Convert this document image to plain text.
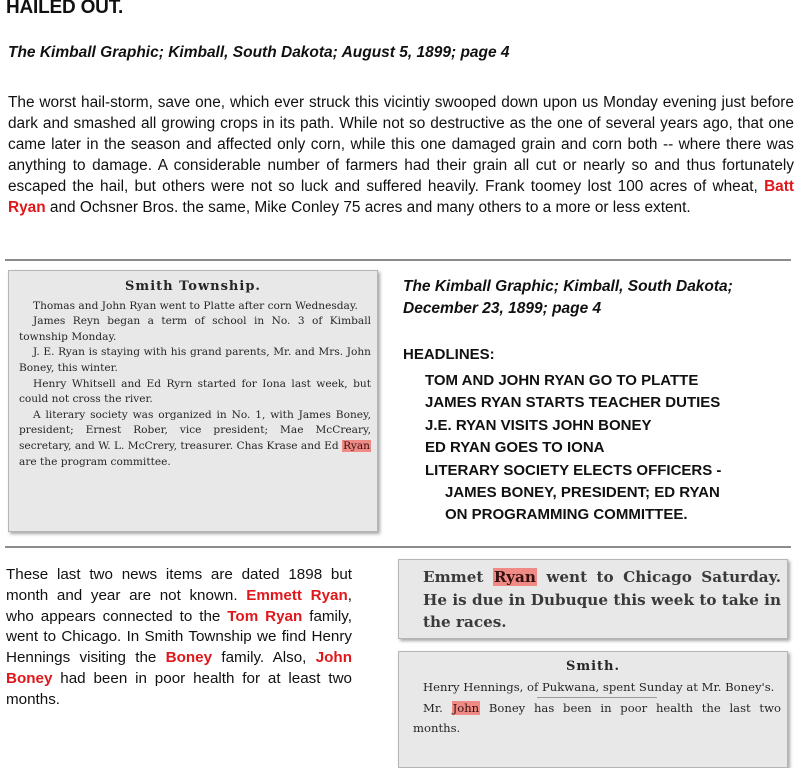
HAILED OUT.
The Kimball Graphic; Kimball, South Dakota; August 5, 1899; page 4

The worst hail-storm, save one, which ever struck this vicintiy swooped down upon us Monday evening just before dark and smashed all growing crops in its path. While not so destructive as the one of several years ago, that one came later in the season and affected only corn, while this one damaged grain and corn both -- where there was anything to damage. A considerable number of farmers had their grain all cut or nearly so and thus fortunately escaped the hail, but others were not so luck and suffered heavily. Frank toomey lost 100 acres of wheat, Batt Ryan and Ochsner Bros. the same, Mike Conley 75 acres and many others to a more or less extent.

Smith Township.

Thomas and John Ryan went to Platte after corn Wednesday.

James Reyn began a term of school in No. 3 of Kimball township Monday.

J. E. Ryan is staying with his grand parents, Mr. and Mrs. John Boney, this winter.

Henry Whitsell and Ed Ryrn started for Iona last week, but could not cross the river.

A literary society was organized in No. 1, with James Boney, president; Ernest Rober, vice president; Mae McCreary, secretary, and W. L. McCrery, treasurer. Chas Krase and Ed Ryan are the program committee.

The Kimball Graphic; Kimball, South Dakota; December 23, 1899; page 4
HEADLINES:
TOM AND JOHN RYAN GO TO PLATTE
JAMES RYAN STARTS TEACHER DUTIES
J.E. RYAN VISITS JOHN BONEY
ED RYAN GOES TO IONA
LITERARY SOCIETY ELECTS OFFICERS -
JAMES BONEY, PRESIDENT; ED RYAN
ON PROGRAMMING COMMITTEE.

These last two news items are dated 1898 but month and year are not known. Emmett Ryan, who appears connected to the Tom Ryan family, went to Chicago. In Smith Township we find Henry Hennings visiting the Boney family. Also, John Boney had been in poor health for at least two months.

Emmet Ryan went to Chicago Saturday. He is due in Dubuque this week to take in the races.

Smith.

Henry Hennings, of Pukwana, spent Sunday at Mr. Boney's.

Mr. John Boney has been in poor health the last two months.
